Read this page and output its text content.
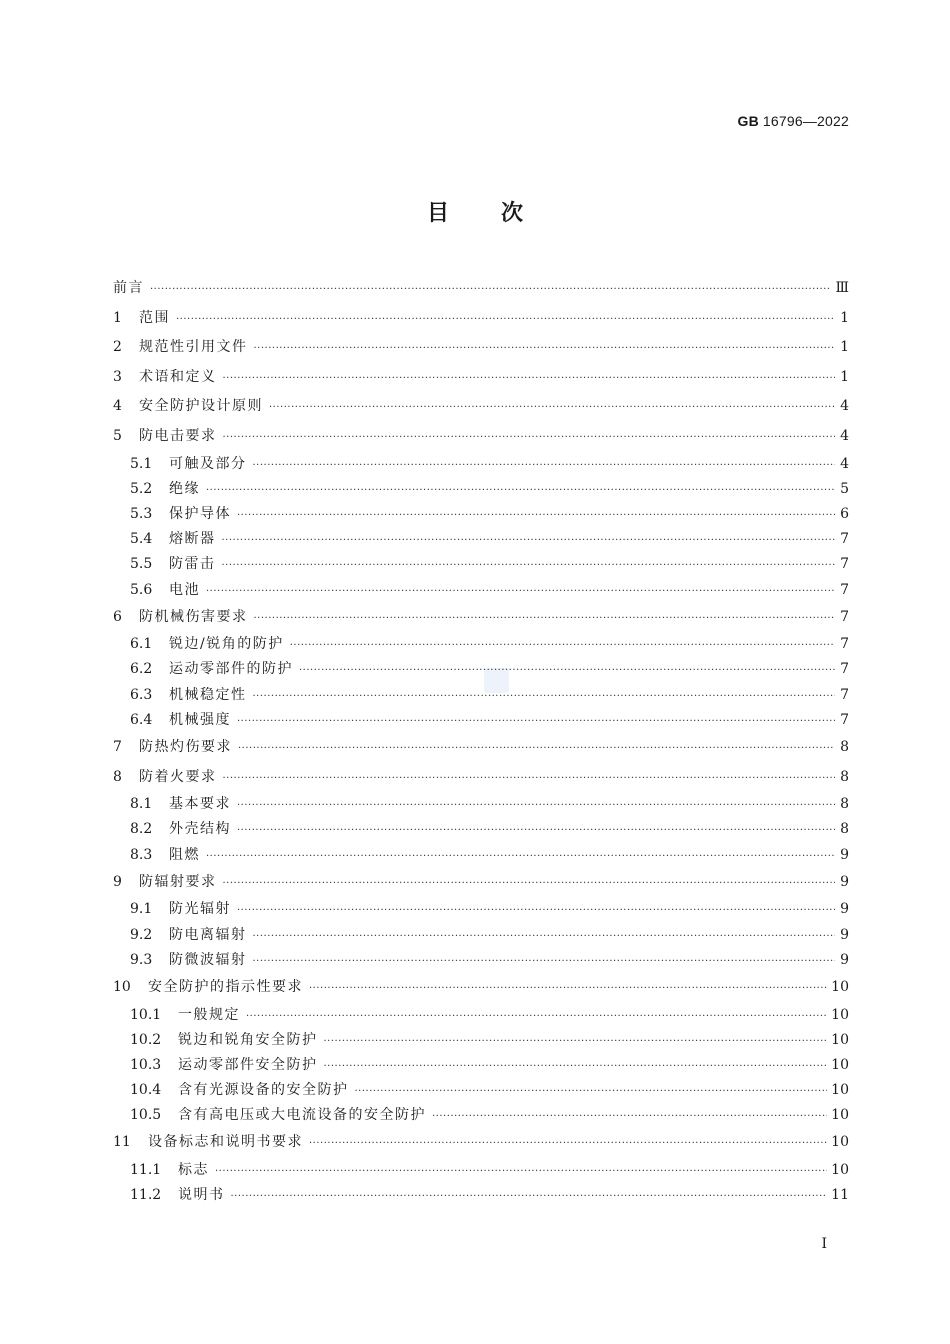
GB 16796—2022
目次
前言 ·····	Ⅲ
1	范围 ·····	1
2	规范性引用文件 ·····	1
3	术语和定义 ·····	1
4	安全防护设计原则 ·····	4
5	防电击要求 ·····	4
5.1	可触及部分 ·····	4
5.2	绝缘 ·····	5
5.3	保护导体 ·····	6
5.4	熔断器 ·····	7
5.5	防雷击 ·····	7
5.6	电池 ·····	7
6	防机械伤害要求 ·····	7
6.1	锐边/锐角的防护 ·····	7
6.2	运动零部件的防护 ·····	7
6.3	机械稳定性 ·····	7
6.4	机械强度 ·····	7
7	防热灼伤要求 ·····	8
8	防着火要求 ·····	8
8.1	基本要求 ·····	8
8.2	外壳结构 ·····	8
8.3	阻燃 ·····	9
9	防辐射要求 ·····	9
9.1	防光辐射 ·····	9
9.2	防电离辐射 ·····	9
9.3	防微波辐射 ·····	9
10	安全防护的指示性要求 ·····	10
10.1	一般规定 ·····	10
10.2	锐边和锐角安全防护 ·····	10
10.3	运动零部件安全防护 ·····	10
10.4	含有光源设备的安全防护 ·····	10
10.5	含有高电压或大电流设备的安全防护 ·····	10
11	设备标志和说明书要求 ·····	10
11.1	标志 ·····	10
11.2	说明书 ·····	11
Ⅰ
